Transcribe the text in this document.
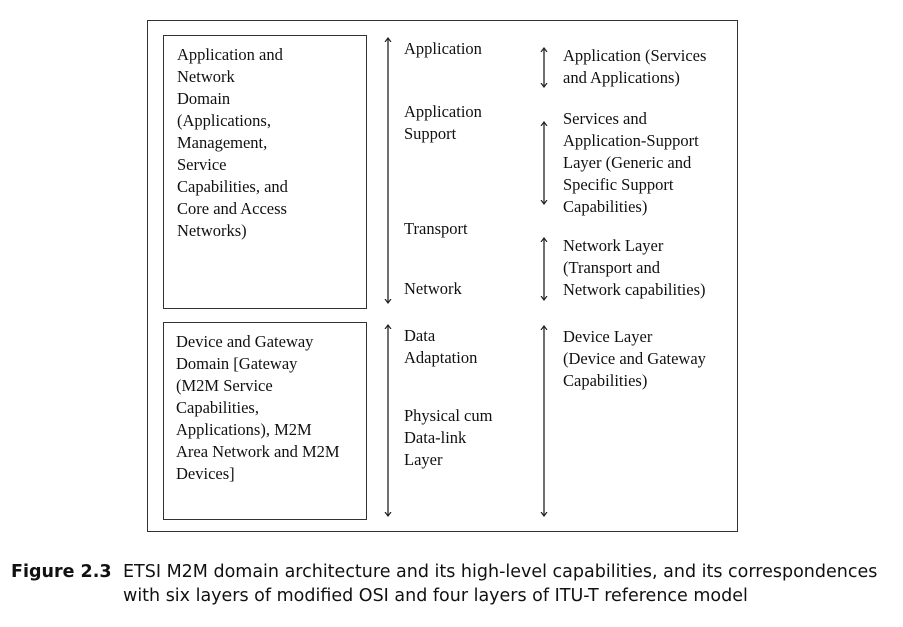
Application and
Network
Domain
(Applications,
Management,
Service
Capabilities, and
Core and Access
Networks)
Device and Gateway
Domain [Gateway
(M2M Service
Capabilities,
Applications), M2M
Area Network and M2M
Devices]
Application
Application
Support
Transport
Network
Data
Adaptation
Physical cum
Data-link
Layer
Application (Services
and Applications)
Services and
Application-Support
Layer (Generic and
Specific Support
Capabilities)
Network Layer
(Transport and
Network capabilities)
Device Layer
(Device and Gateway
Capabilities)
Figure 2.3 ETSI M2M domain architecture and its high-level capabilities, and its correspondences with six layers of modified OSI and four layers of ITU-T reference model
